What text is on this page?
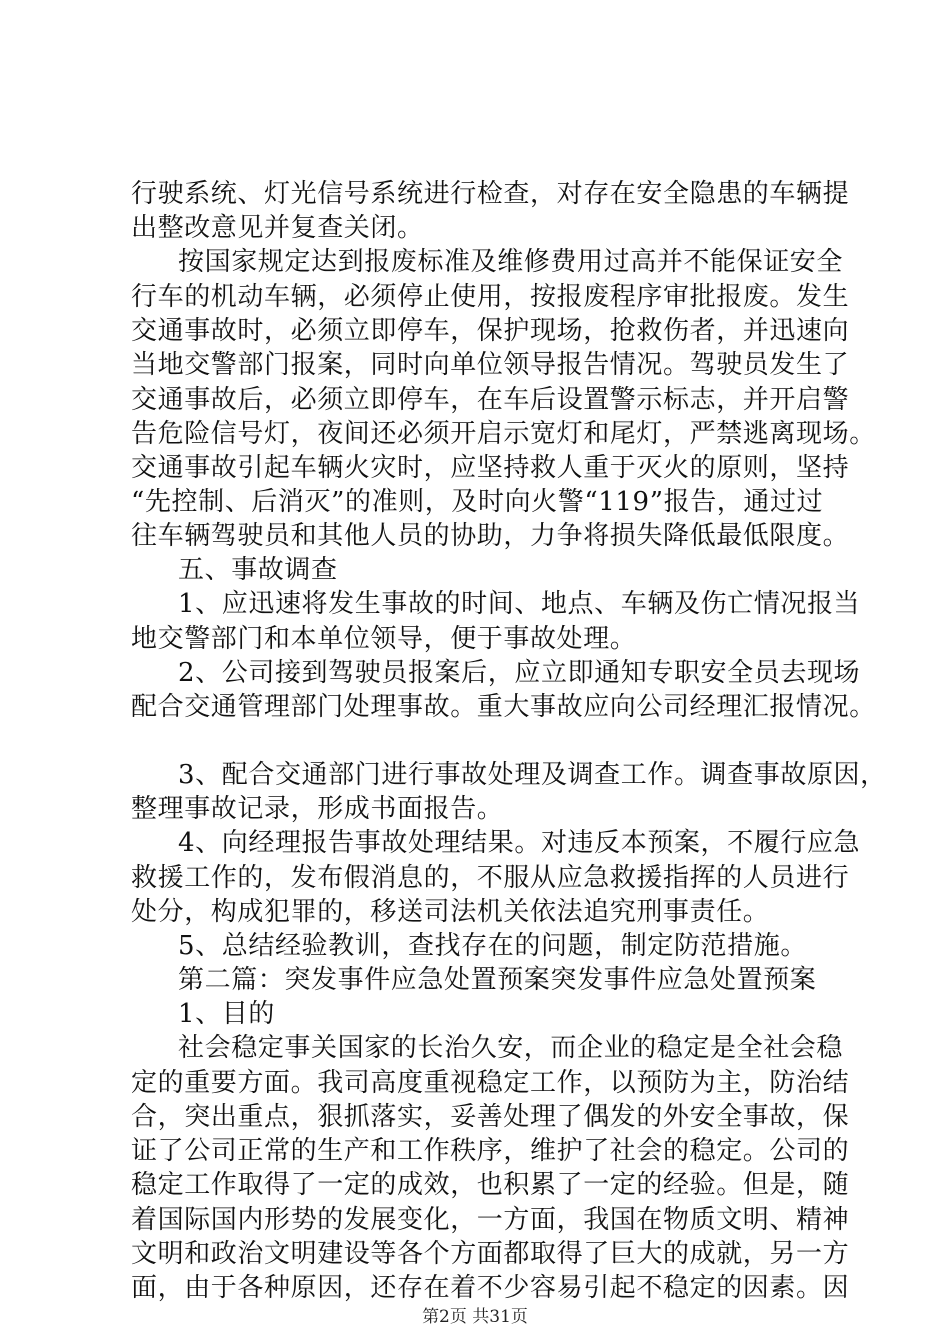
行驶系统、灯光信号系统进行检查，对存在安全隐患的车辆提
出整改意见并复查关闭。
按国家规定达到报废标准及维修费用过高并不能保证安全
行车的机动车辆，必须停止使用，按报废程序审批报废。发生
交通事故时，必须立即停车，保护现场，抢救伤者，并迅速向
当地交警部门报案，同时向单位领导报告情况。驾驶员发生了
交通事故后，必须立即停车，在车后设置警示标志，并开启警
告危险信号灯，夜间还必须开启示宽灯和尾灯，严禁逃离现场。
交通事故引起车辆火灾时，应坚持救人重于灭火的原则，坚持
“先控制、后消灭”的准则，及时向火警“119”报告，通过过
往车辆驾驶员和其他人员的协助，力争将损失降低最低限度。
五、事故调查
1、应迅速将发生事故的时间、地点、车辆及伤亡情况报当
地交警部门和本单位领导，便于事故处理。
2、公司接到驾驶员报案后，应立即通知专职安全员去现场
配合交通管理部门处理事故。重大事故应向公司经理汇报情况。
3、配合交通部门进行事故处理及调查工作。调查事故原因，
整理事故记录，形成书面报告。
4、向经理报告事故处理结果。对违反本预案，不履行应急
救援工作的，发布假消息的，不服从应急救援指挥的人员进行
处分，构成犯罪的，移送司法机关依法追究刑事责任。
5、总结经验教训，查找存在的问题，制定防范措施。
第二篇：突发事件应急处置预案突发事件应急处置预案
1、目的
社会稳定事关国家的长治久安，而企业的稳定是全社会稳
定的重要方面。我司高度重视稳定工作，以预防为主，防治结
合，突出重点，狠抓落实，妥善处理了偶发的外安全事故，保
证了公司正常的生产和工作秩序，维护了社会的稳定。公司的
稳定工作取得了一定的成效，也积累了一定的经验。但是，随
着国际国内形势的发展变化，一方面，我国在物质文明、精神
文明和政治文明建设等各个方面都取得了巨大的成就，另一方
面，由于各种原因，还存在着不少容易引起不稳定的因素。因
第2页 共31页
